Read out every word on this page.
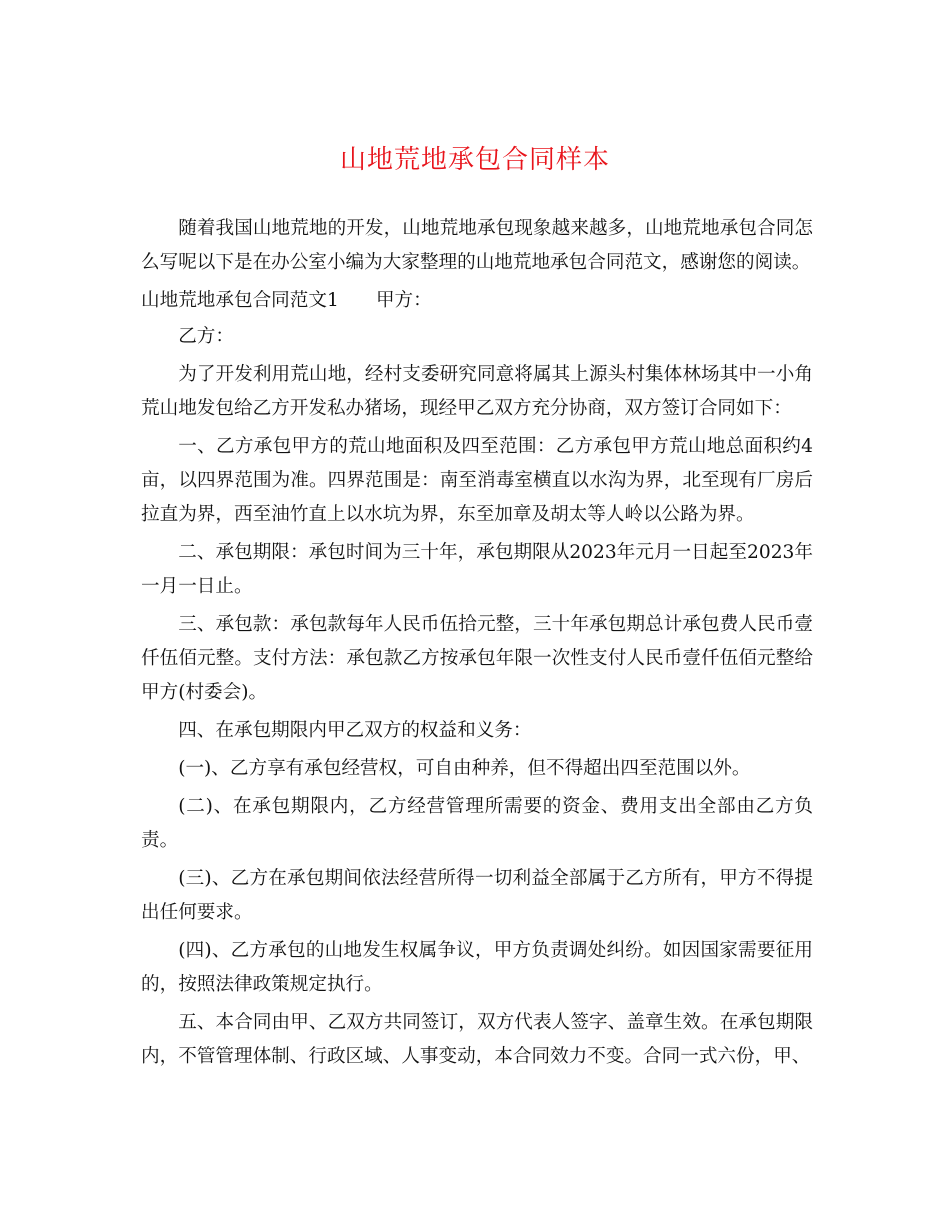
山地荒地承包合同样本

随着我国山地荒地的开发，山地荒地承包现象越来越多，山地荒地承包合同怎么写呢以下是在办公室小编为大家整理的山地荒地承包合同范文，感谢您的阅读。

山地荒地承包合同范文1　　甲方：

乙方：

为了开发利用荒山地，经村支委研究同意将属其上源头村集体林场其中一小角荒山地发包给乙方开发私办猪场，现经甲乙双方充分协商，双方签订合同如下：

一、乙方承包甲方的荒山地面积及四至范围：乙方承包甲方荒山地总面积约4亩，以四界范围为准。四界范围是：南至消毒室横直以水沟为界，北至现有厂房后拉直为界，西至油竹直上以水坑为界，东至加章及胡太等人岭以公路为界。

二、承包期限：承包时间为三十年，承包期限从2023年元月一日起至2023年一月一日止。

三、承包款：承包款每年人民币伍拾元整，三十年承包期总计承包费人民币壹仟伍佰元整。支付方法：承包款乙方按承包年限一次性支付人民币壹仟伍佰元整给甲方(村委会)。

四、在承包期限内甲乙双方的权益和义务：

(一)、乙方享有承包经营权，可自由种养，但不得超出四至范围以外。

(二)、在承包期限内，乙方经营管理所需要的资金、费用支出全部由乙方负责。

(三)、乙方在承包期间依法经营所得一切利益全部属于乙方所有，甲方不得提出任何要求。

(四)、乙方承包的山地发生权属争议，甲方负责调处纠纷。如因国家需要征用的，按照法律政策规定执行。

五、本合同由甲、乙双方共同签订，双方代表人签字、盖章生效。在承包期限内，不管管理体制、行政区域、人事变动，本合同效力不变。合同一式六份，甲、
